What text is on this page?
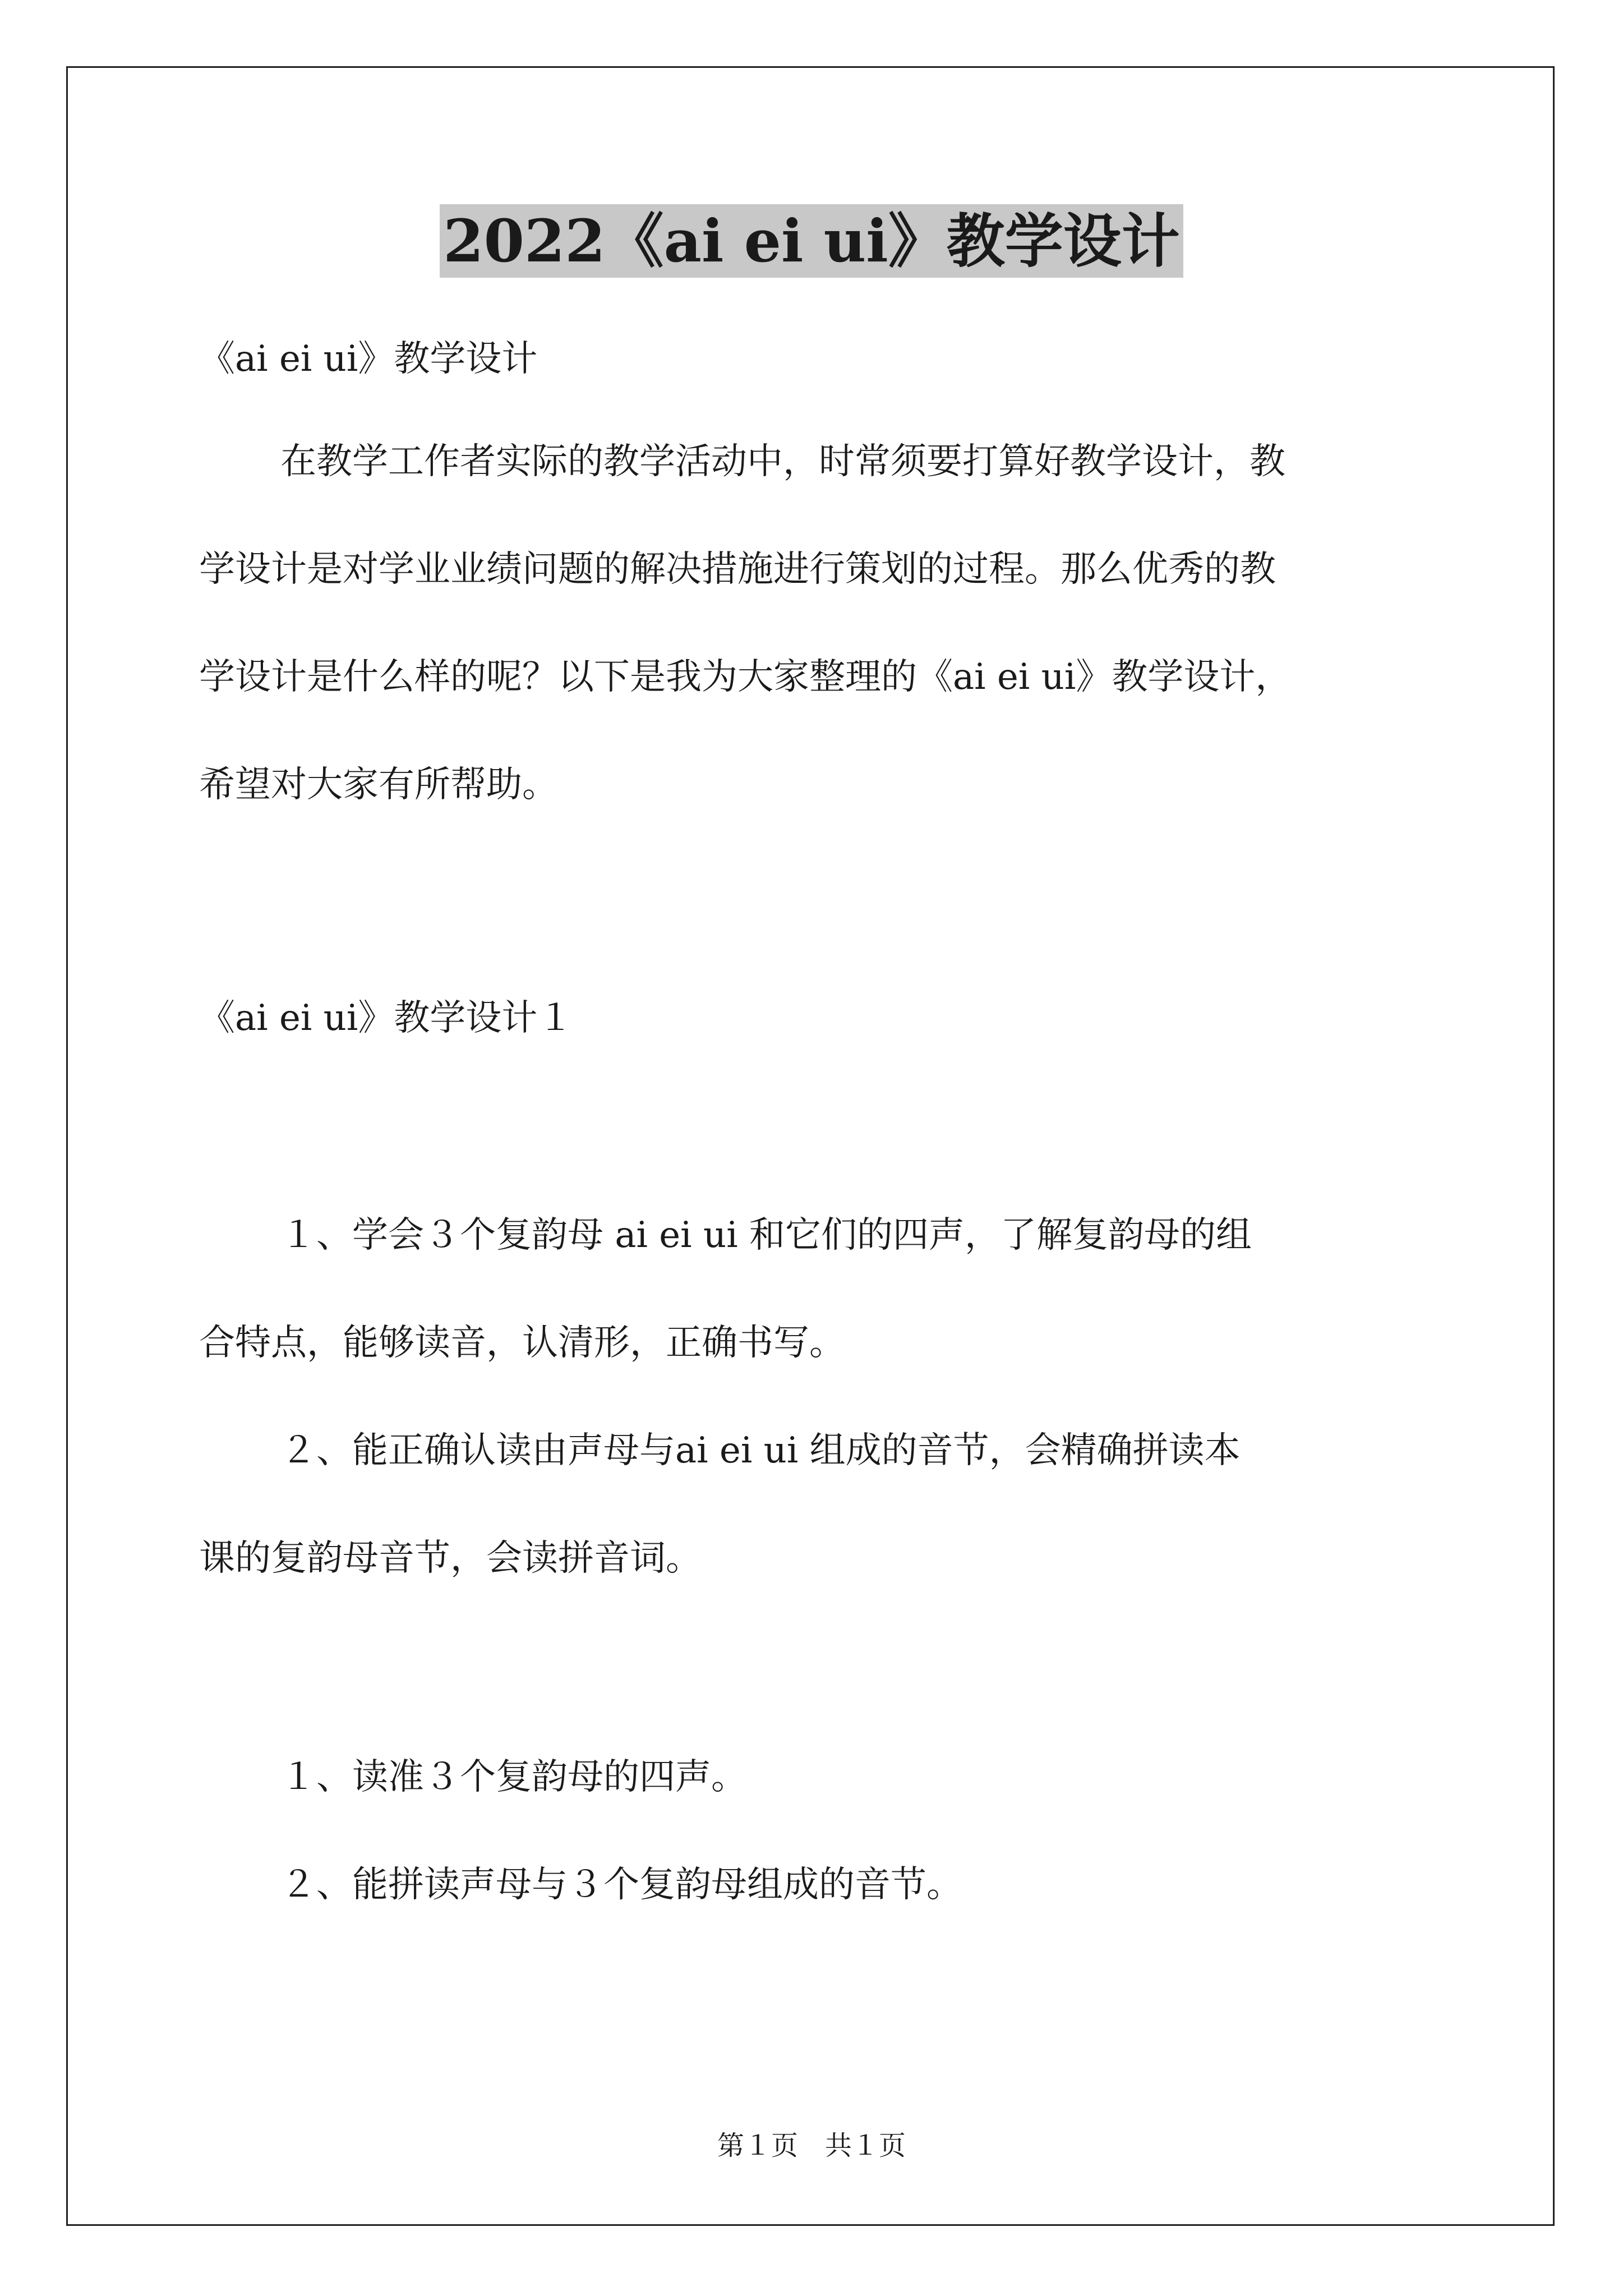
2022《ai ei ui》教学设计
《ai ei ui》教学设计
在教学工作者实际的教学活动中，时常须要打算好教学设计，教
学设计是对学业业绩问题的解决措施进行策划的过程。那么优秀的教
学设计是什么样的呢？以下是我为大家整理的《ai ei ui》教学设计，
希望对大家有所帮助。
《ai ei ui》教学设计１
１、学会３个复韵母 ai ei ui 和它们的四声，了解复韵母的组
合特点，能够读音，认清形，正确书写。
２、能正确认读由声母与ai ei ui 组成的音节，会精确拼读本
课的复韵母音节，会读拼音词。
１、读准３个复韵母的四声。
２、能拼读声母与３个复韵母组成的音节。
第１页　共１页
